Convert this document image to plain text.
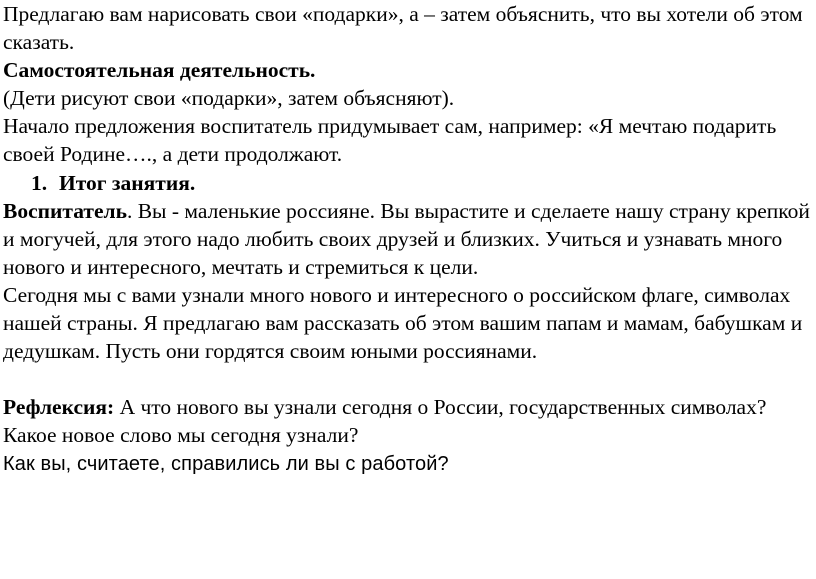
Предлагаю вам нарисовать свои «подарки», а – затем объяснить, что вы хотели об этом сказать.

Самостоятельная деятельность.

(Дети рисуют свои «подарки», затем объясняют).

Начало предложения воспитатель придумывает сам, например: «Я мечтаю подарить своей Родине…., а дети продолжают.

1. Итог занятия.

Воспитатель. Вы - маленькие россияне. Вы вырастите и сделаете нашу страну крепкой и могучей, для этого надо любить своих друзей и близких. Учиться и узнавать много нового и интересного, мечтать и стремиться к цели.

Сегодня мы с вами узнали много нового и интересного о российском флаге, символах нашей страны. Я предлагаю вам рассказать об этом вашим папам и мамам, бабушкам и дедушкам. Пусть они гордятся своим юными россиянами.

Рефлексия: А что нового вы узнали сегодня о России, государственных символах?

Какое новое слово мы сегодня узнали?

Как вы, считаете, справились ли вы с работой?
